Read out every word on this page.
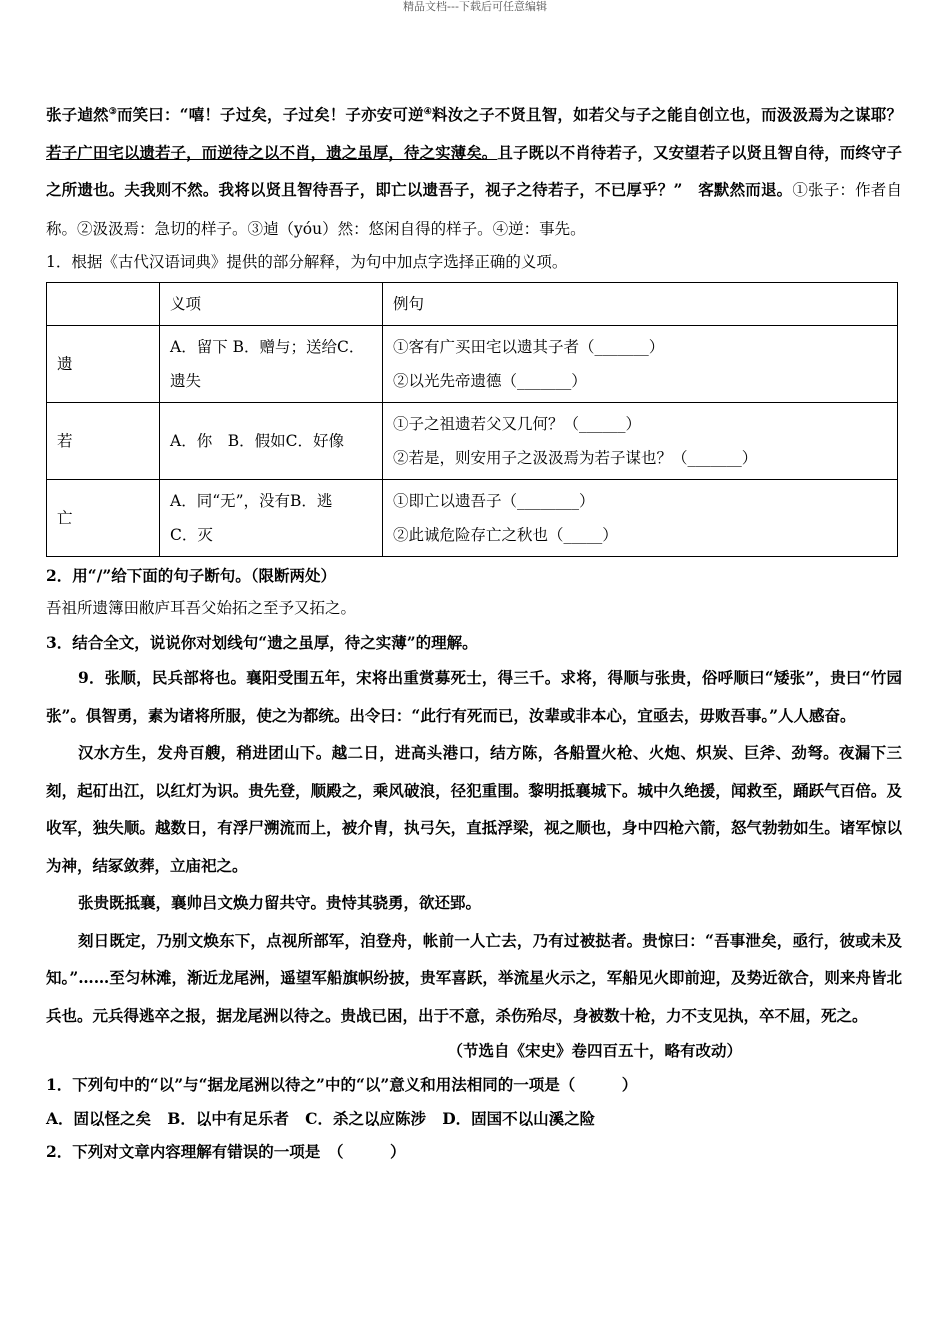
精品文档---下载后可任意编辑
张子逌然③而笑曰：“嘻！子过矣，子过矣！子亦安可逆④料汝之子不贤且智，如若父与子之能自创立也，而汲汲焉为之谋耶？若子广田宅以遗若子，而逆待之以不肖，遗之虽厚，待之实薄矣。且子既以不肖待若子，又安望若子以贤且智自待，而终守子之所遗也。夫我则不然。我将以贤且智待吾子，即亡以遗吾子，视子之待若子，不已厚乎？”　客默然而退。①张子：作者自称。②汲汲焉：急切的样子。③逌（yóu）然：悠闲自得的样子。④逆：事先。
1．根据《古代汉语词典》提供的部分解释，为句中加点字选择正确的义项。
	义项	例句
遗	A．留下 B．赠与；送给C．遗失	①客有广买田宅以遗其子者（_______）
②以光先帝遗德（_______）

若	A．你　B．假如C．好像	①子之祖遗若父又几何？（______）
②若是，则安用子之汲汲焉为若子谋也？（_______）

亡	A．同“无”，没有B．逃　C．灭	①即亡以遗吾子（________）
②此诚危险存亡之秋也（_____）
2．用“/”给下面的句子断句。（限断两处）
吾祖所遗簿田敝庐耳吾父始拓之至予又拓之。
3．结合全文，说说你对划线句“遗之虽厚，待之实薄”的理解。
9．张顺，民兵部将也。襄阳受围五年，宋将出重赏募死士，得三千。求将，得顺与张贵，俗呼顺曰“矮张”，贵曰“竹园张”。俱智勇，素为诸将所服，使之为都统。出令曰：“此行有死而已，汝辈或非本心，宜亟去，毋败吾事。”人人感奋。
汉水方生，发舟百艘，稍进团山下。越二日，进高头港口，结方陈，各船置火枪、火炮、炽炭、巨斧、劲弩。夜漏下三刻，起矴出江，以红灯为识。贵先登，顺殿之，乘风破浪，径犯重围。黎明抵襄城下。城中久绝援，闻救至，踊跃气百倍。及收军，独失顺。越数日，有浮尸溯流而上，被介胄，执弓矢，直抵浮梁，视之顺也，身中四枪六箭，怒气勃勃如生。诸军惊以为神，结冢敛葬，立庙祀之。
张贵既抵襄，襄帅吕文焕力留共守。贵恃其骁勇，欲还郢。
刻日既定，乃别文焕东下，点视所部军，洎登舟，帐前一人亡去，乃有过被挞者。贵惊曰：“吾事泄矣，亟行，彼或未及知。”……至匀林滩，渐近龙尾洲，遥望军船旗帜纷披，贵军喜跃，举流星火示之，军船见火即前迎，及势近欲合，则来舟皆北兵也。元兵得逃卒之报，据龙尾洲以待之。贵战已困，出于不意，杀伤殆尽，身被数十枪，力不支见执，卒不屈，死之。
（节选自《宋史》卷四百五十，略有改动）
1．下列句中的“以”与“据龙尾洲以待之”中的“以”意义和用法相同的一项是（　　　）
A．固以怪之矣 B．以中有足乐者 C．杀之以应陈涉 D．固国不以山溪之险
2．下列对文章内容理解有错误的一项是　（　　　）
